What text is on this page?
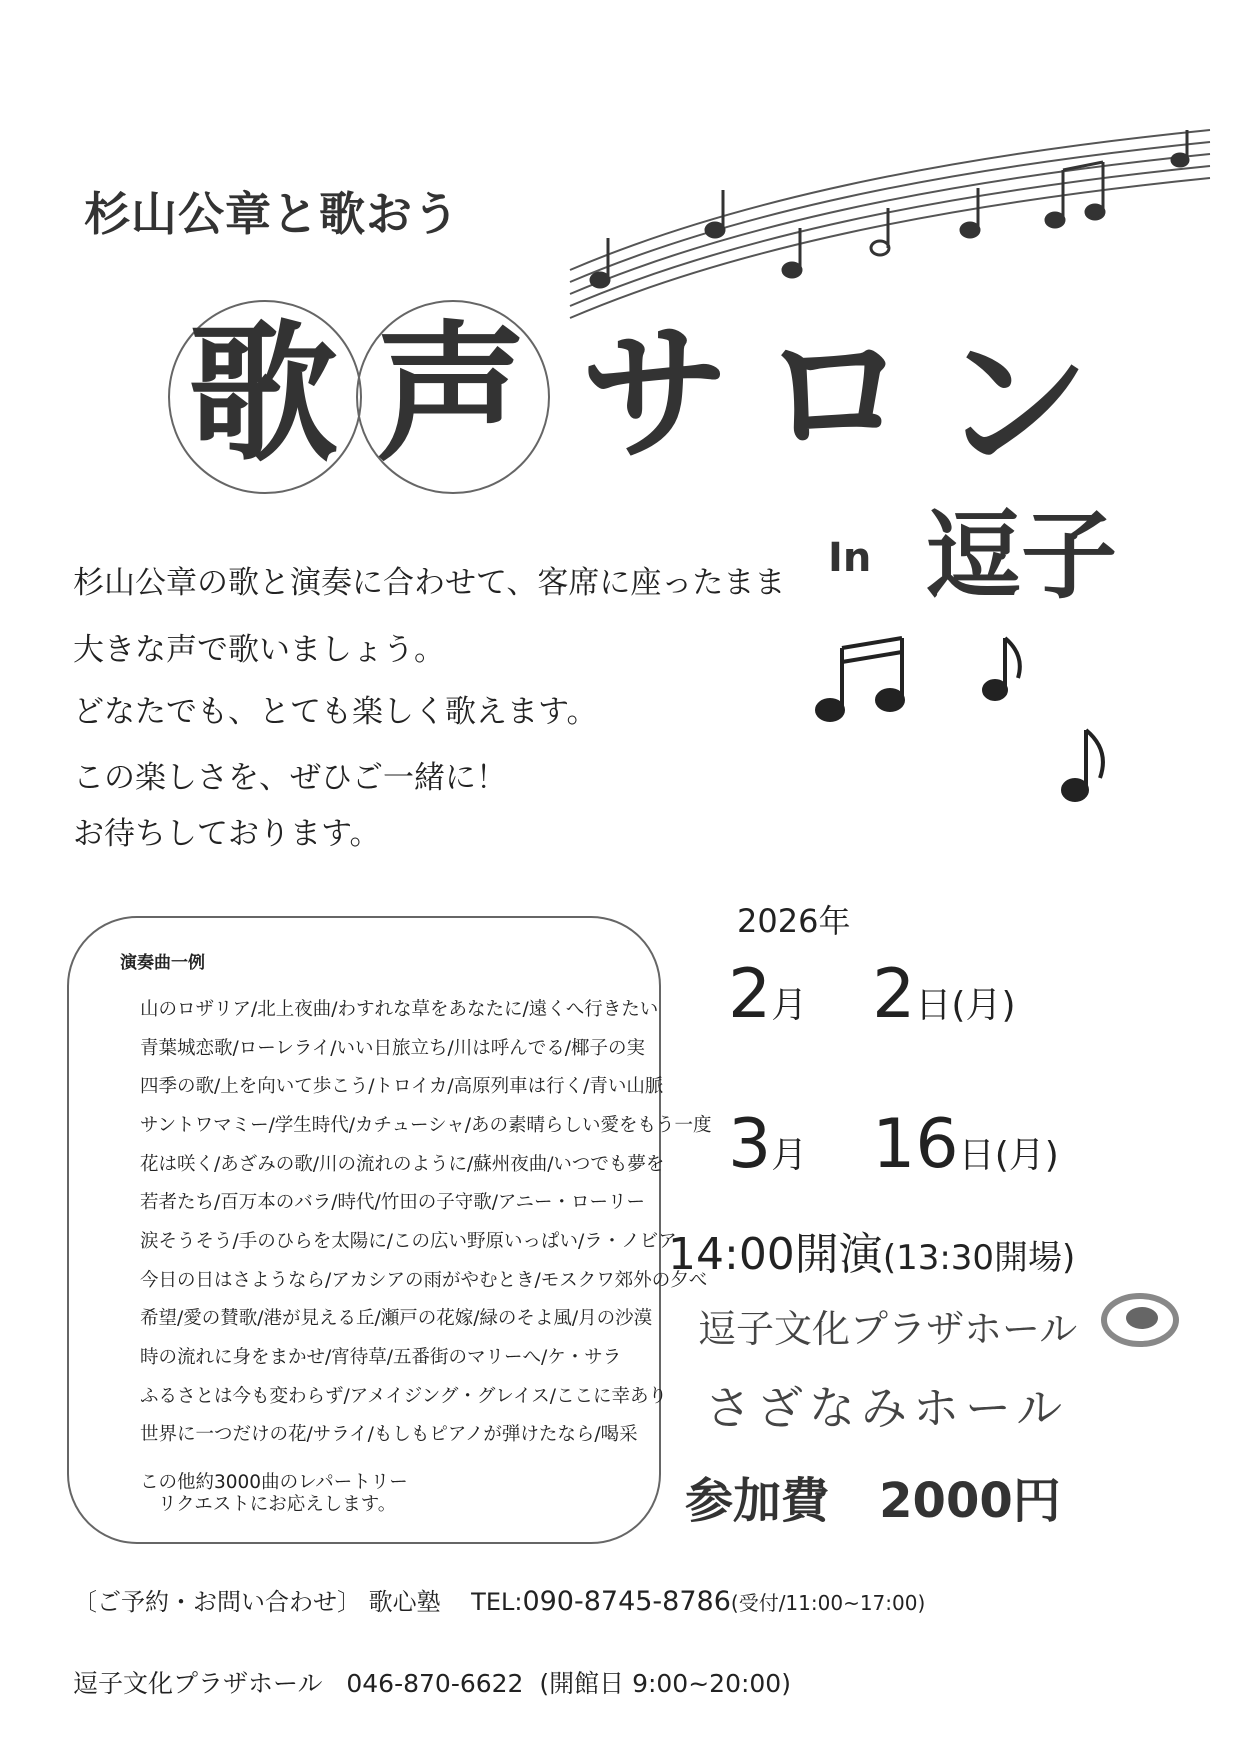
杉山公章と歌おう
歌 声 サ ロ ン
In 逗子
杉山公章の歌と演奏に合わせて、客席に座ったまま
大きな声で歌いましょう。
どなたでも、とても楽しく歌えます。
この楽しさを、ぜひご一緒に！
お待ちしております。
演奏曲一例
山のロザリア/北上夜曲/わすれな草をあなたに/遠くへ行きたい
青葉城恋歌/ローレライ/いい日旅立ち/川は呼んでる/椰子の実
四季の歌/上を向いて歩こう/トロイカ/高原列車は行く/青い山脈
サントワマミー/学生時代/カチューシャ/あの素晴らしい愛をもう一度
花は咲く/あざみの歌/川の流れのように/蘇州夜曲/いつでも夢を
若者たち/百万本のバラ/時代/竹田の子守歌/アニー・ローリー
涙そうそう/手のひらを太陽に/この広い野原いっぱい/ラ・ノビア
今日の日はさようなら/アカシアの雨がやむとき/モスクワ郊外の夕べ
希望/愛の賛歌/港が見える丘/瀬戸の花嫁/緑のそよ風/月の沙漠
時の流れに身をまかせ/宵待草/五番街のマリーへ/ケ・サラ
ふるさとは今も変わらず/アメイジング・グレイス/ここに幸あり
世界に一つだけの花/サライ/もしもピアノが弾けたなら/喝采
この他約3000曲のレパートリー
リクエストにお応えします。
2026年
2月 2日(月)
3月 16日(月)
14:00開演(13:30開場)
逗子文化プラザホール
さざなみホール
参加費 2000円
〔ご予約・お問い合わせ〕 歌心塾 TEL:090-8745-8786(受付/11:00~17:00)
逗子文化プラザホール 046-870-6622 (開館日 9:00~20:00)
